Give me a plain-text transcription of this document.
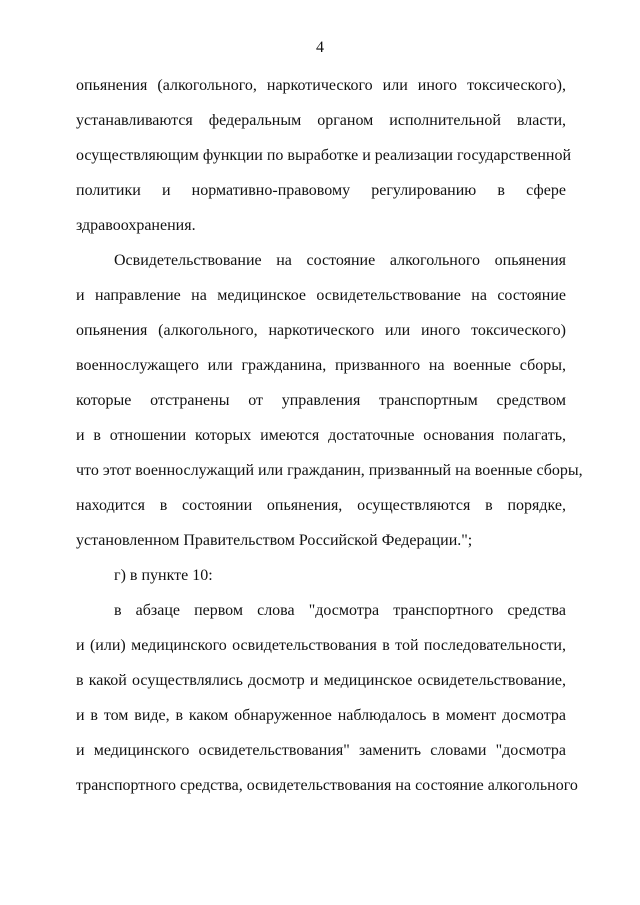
4
опьянения (алкогольного, наркотического или иного токсического),
устанавливаются федеральным органом исполнительной власти,
осуществляющим функции по выработке и реализации государственной
политики и нормативно-правовому регулированию в сфере
здравоохранения.
Освидетельствование на состояние алкогольного опьянения
и направление на медицинское освидетельствование на состояние
опьянения (алкогольного, наркотического или иного токсического)
военнослужащего или гражданина, призванного на военные сборы,
которые отстранены от управления транспортным средством
и в отношении которых имеются достаточные основания полагать,
что этот военнослужащий или гражданин, призванный на военные сборы,
находится в состоянии опьянения, осуществляются в порядке,
установленном Правительством Российской Федерации.";
г) в пункте 10:
в абзаце первом слова "досмотра транспортного средства
и (или) медицинского освидетельствования в той последовательности,
в какой осуществлялись досмотр и медицинское освидетельствование,
и в том виде, в каком обнаруженное наблюдалось в момент досмотра
и медицинского освидетельствования" заменить словами "досмотра
транспортного средства, освидетельствования на состояние алкогольного
